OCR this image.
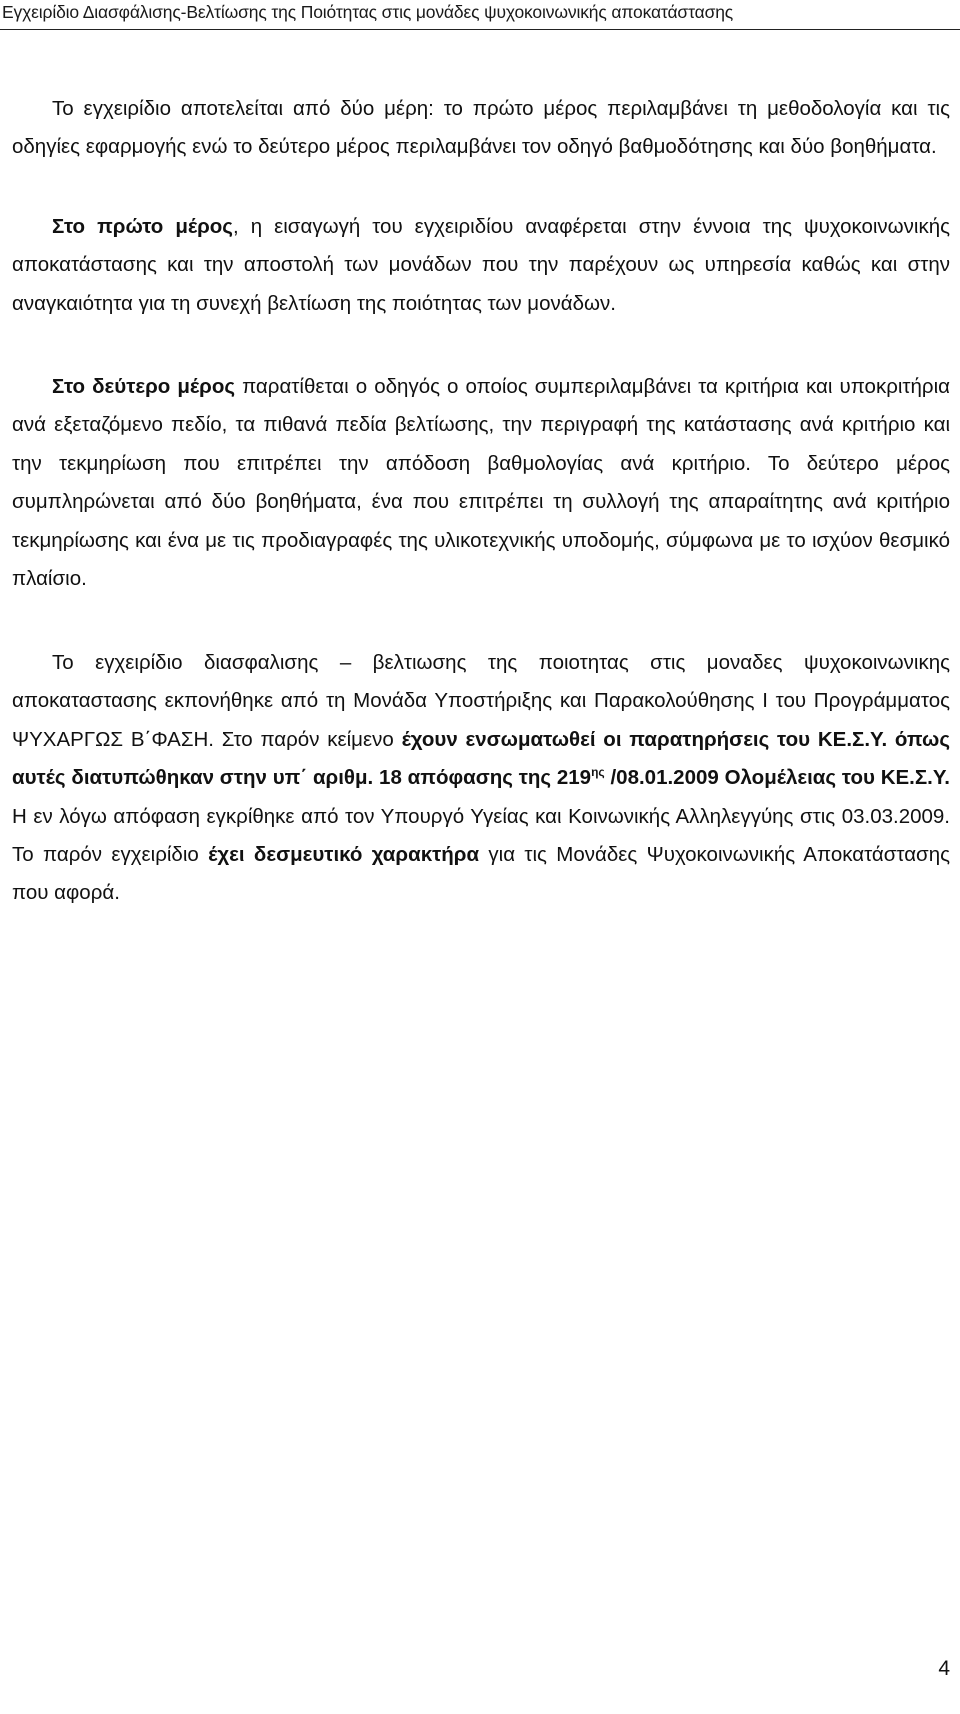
Εγχειρίδιο Διασφάλισης-Βελτίωσης της Ποιότητας στις μονάδες ψυχοκοινωνικής αποκατάστασης
Το εγχειρίδιο αποτελείται από δύο μέρη: το πρώτο μέρος περιλαμβάνει τη μεθοδολογία και τις οδηγίες εφαρμογής ενώ το δεύτερο μέρος περιλαμβάνει τον οδηγό βαθμοδότησης και δύο βοηθήματα.
Στο πρώτο μέρος, η εισαγωγή του εγχειριδίου αναφέρεται στην έννοια της ψυχοκοινωνικής αποκατάστασης και την αποστολή των μονάδων που την παρέχουν ως υπηρεσία καθώς και στην αναγκαιότητα για τη συνεχή βελτίωση της ποιότητας των μονάδων.
Στο δεύτερο μέρος παρατίθεται ο οδηγός ο οποίος συμπεριλαμβάνει τα κριτήρια και υποκριτήρια ανά εξεταζόμενο πεδίο, τα πιθανά πεδία βελτίωσης, την περιγραφή της κατάστασης ανά κριτήριο και την τεκμηρίωση που επιτρέπει την απόδοση βαθμολογίας ανά κριτήριο. Το δεύτερο μέρος συμπληρώνεται από δύο βοηθήματα, ένα που επιτρέπει τη συλλογή της απαραίτητης ανά κριτήριο τεκμηρίωσης και ένα με τις προδιαγραφές της υλικοτεχνικής υποδομής, σύμφωνα με το ισχύον θεσμικό πλαίσιο.
Το εγχειρίδιο διασφαλισης – βελτιωσης της ποιοτητας στις μοναδες ψυχοκοινωνικης αποκαταστασης εκπονήθηκε από τη Μονάδα Υποστήριξης και Παρακολούθησης Ι του Προγράμματος ΨΥΧΑΡΓΩΣ Β΄ΦΑΣΗ. Στο παρόν κείμενο έχουν ενσωματωθεί οι παρατηρήσεις του ΚΕ.Σ.Υ. όπως αυτές διατυπώθηκαν στην υπ΄ αριθμ. 18 απόφασης της $219^{\eta\varsigma}$ /08.01.2009 Ολομέλειας του ΚΕ.Σ.Υ. Η εν λόγω απόφαση εγκρίθηκε από τον Υπουργό Υγείας και Κοινωνικής Αλληλεγγύης στις 03.03.2009. Το παρόν εγχειρίδιο έχει δεσμευτικό χαρακτήρα για τις Μονάδες Ψυχοκοινωνικής Αποκατάστασης που αφορά.
4
